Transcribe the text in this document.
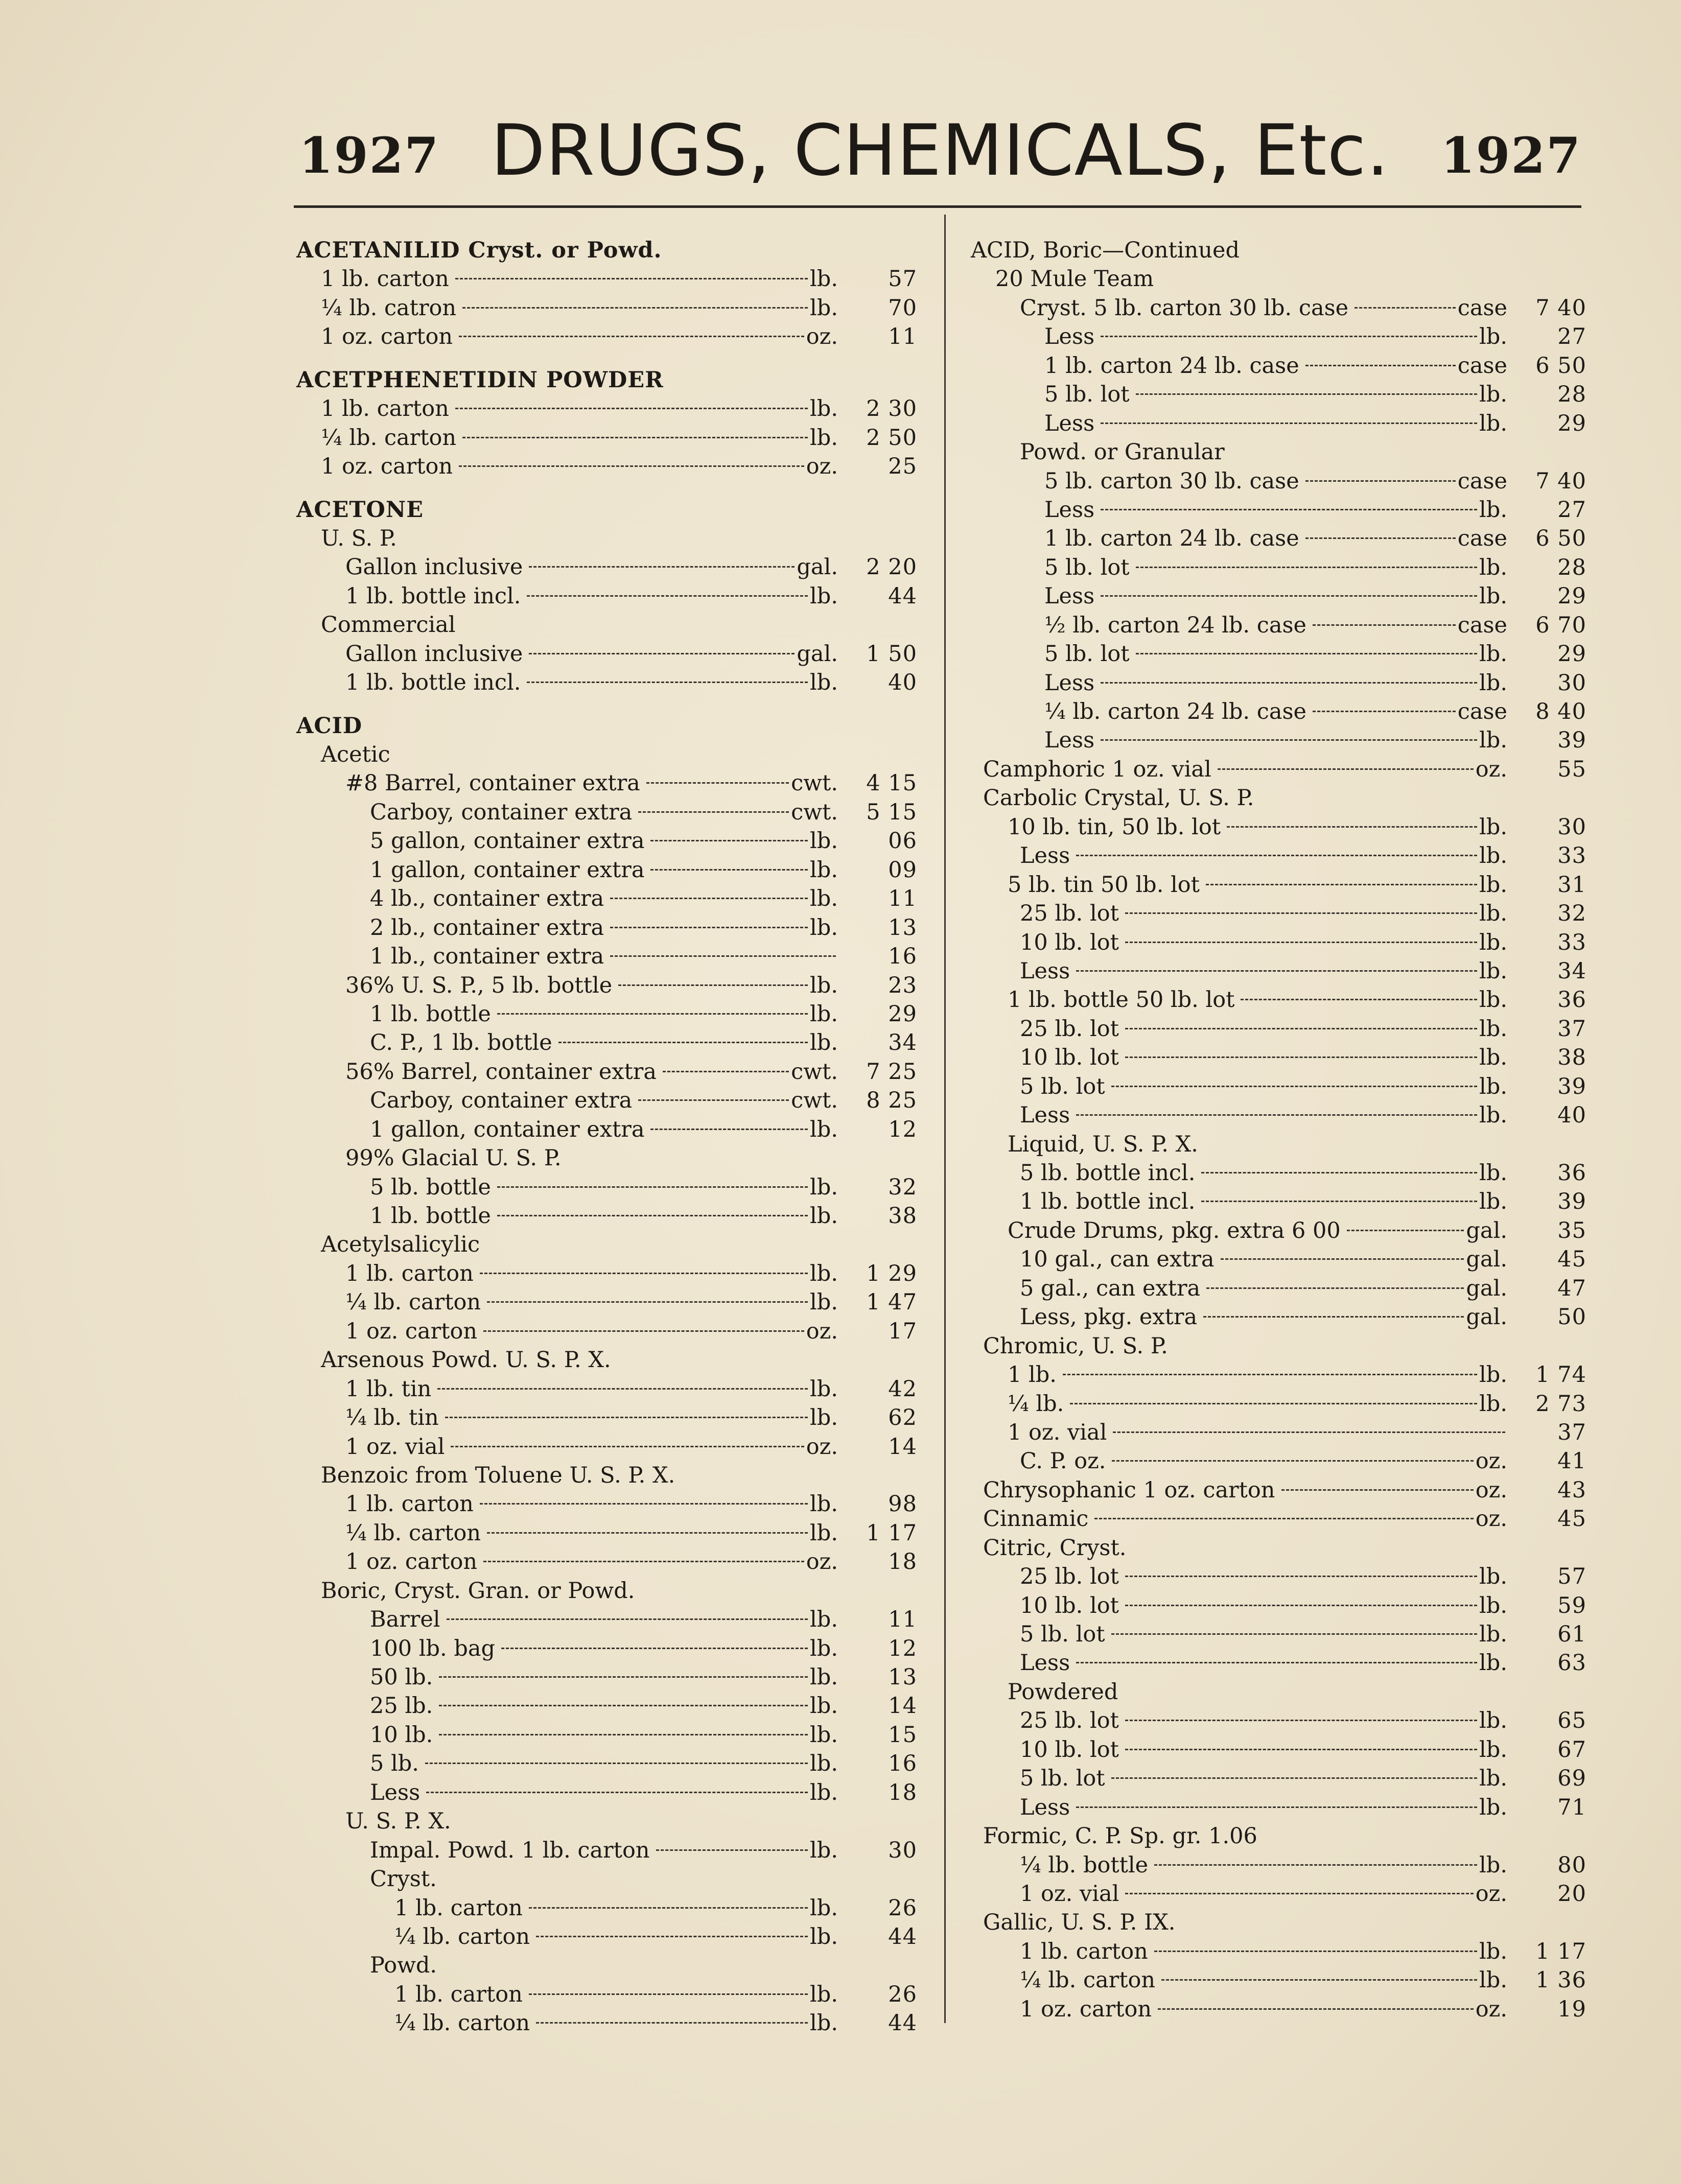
1927 DRUGS, CHEMICALS, Etc.	1927
ACETANILID Cryst. or Powd.
1 lb. carton	lb.	57
¼ lb. catron	lb.	70
1 oz. carton	oz.	11
ACETPHENETIDIN POWDER
1 lb. carton	lb.	2 30
¼ lb. carton	lb.	2 50
1 oz. carton	oz.	25
ACETONE
U. S. P.
Gallon inclusive	gal.	2 20
1 lb. bottle incl.	lb.	44
Commercial
Gallon inclusive	gal.	1 50
1 lb. bottle incl.	lb.	40
ACID
Acetic
#8 Barrel, container extra	cwt.	4 15
Carboy, container extra	cwt.	5 15
5 gallon, container extra	lb.	06
1 gallon, container extra	lb.	09
4 lb., container extra	lb.	11
2 lb., container extra	lb.	13
1 lb., container extra	16
36% U. S. P., 5 lb. bottle	lb.	23
1 lb. bottle	lb.	29
C. P., 1 lb. bottle	lb.	34
56% Barrel, container extra	cwt.	7 25
Carboy, container extra	cwt.	8 25
1 gallon, container extra	lb.	12
99% Glacial U. S. P.
5 lb. bottle	lb.	32
1 lb. bottle	lb.	38
Acetylsalicylic
1 lb. carton	lb.	1 29
¼ lb. carton	lb.	1 47
1 oz. carton	oz.	17
Arsenous Powd. U. S. P. X.
1 lb. tin	lb.	42
¼ lb. tin	lb.	62
1 oz. vial	oz.	14
Benzoic from Toluene U. S. P. X.
1 lb. carton	lb.	98
¼ lb. carton	lb.	1 17
1 oz. carton	oz.	18
Boric, Cryst. Gran. or Powd.
Barrel	lb.	11
100 lb. bag	lb.	12
50 lb.	lb.	13
25 lb.	lb.	14
10 lb.	lb.	15
5 lb.	lb.	16
Less	lb.	18
U. S. P. X.
Impal. Powd. 1 lb. carton	lb.	30
Cryst.
1 lb. carton	lb.	26
¼ lb. carton	lb.	44
Powd.
1 lb. carton	lb.	26
¼ lb. carton	lb.	44
ACID, Boric—Continued
20 Mule Team
Cryst. 5 lb. carton 30 lb. case	case	7 40
Less	lb.	27
1 lb. carton 24 lb. case	case	6 50
5 lb. lot	lb.	28
Less	lb.	29
Powd. or Granular
5 lb. carton 30 lb. case	case	7 40
Less	lb.	27
1 lb. carton 24 lb. case	case	6 50
5 lb. lot	lb.	28
Less	lb.	29
½ lb. carton 24 lb. case	case	6 70
5 lb. lot	lb.	29
Less	lb.	30
¼ lb. carton 24 lb. case	case	8 40
Less	lb.	39
Camphoric 1 oz. vial	oz.	55
Carbolic Crystal, U. S. P.
10 lb. tin, 50 lb. lot	lb.	30
Less	lb.	33
5 lb. tin 50 lb. lot	lb.	31
25 lb. lot	lb.	32
10 lb. lot	lb.	33
Less	lb.	34
1 lb. bottle 50 lb. lot	lb.	36
25 lb. lot	lb.	37
10 lb. lot	lb.	38
5 lb. lot	lb.	39
Less	lb.	40
Liquid, U. S. P. X.
5 lb. bottle incl.	lb.	36
1 lb. bottle incl.	lb.	39
Crude Drums, pkg. extra 6 00	gal.	35
10 gal., can extra	gal.	45
5 gal., can extra	gal.	47
Less, pkg. extra	gal.	50
Chromic, U. S. P.
1 lb.	lb.	1 74
¼ lb.	lb.	2 73
1 oz. vial	37
C. P. oz.	oz.	41
Chrysophanic 1 oz. carton	oz.	43
Cinnamic	oz.	45
Citric, Cryst.
25 lb. lot	lb.	57
10 lb. lot	lb.	59
5 lb. lot	lb.	61
Less	lb.	63
Powdered
25 lb. lot	lb.	65
10 lb. lot	lb.	67
5 lb. lot	lb.	69
Less	lb.	71
Formic, C. P. Sp. gr. 1.06
¼ lb. bottle	lb.	80
1 oz. vial	oz.	20
Gallic, U. S. P. IX.
1 lb. carton	lb.	1 17
¼ lb. carton	lb.	1 36
1 oz. carton	oz.	19
